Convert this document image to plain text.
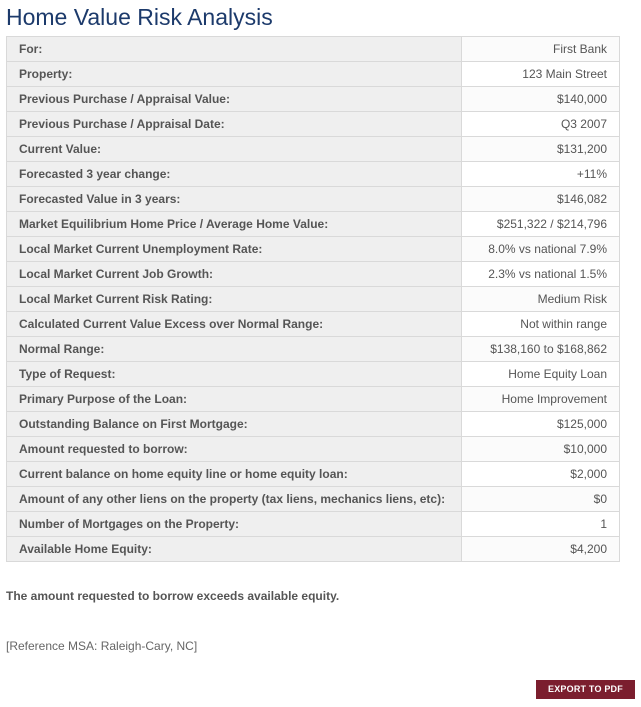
Home Value Risk Analysis
For:	First Bank
Property:	123 Main Street
Previous Purchase / Appraisal Value:	$140,000
Previous Purchase / Appraisal Date:	Q3 2007
Current Value:	$131,200
Forecasted 3 year change:	+11%
Forecasted Value in 3 years:	$146,082
Market Equilibrium Home Price / Average Home Value:	$251,322 / $214,796
Local Market Current Unemployment Rate:	8.0% vs national 7.9%
Local Market Current Job Growth:	2.3% vs national 1.5%
Local Market Current Risk Rating:	Medium Risk
Calculated Current Value Excess over Normal Range:	Not within range
Normal Range:	$138,160 to $168,862
Type of Request:	Home Equity Loan
Primary Purpose of the Loan:	Home Improvement
Outstanding Balance on First Mortgage:	$125,000
Amount requested to borrow:	$10,000
Current balance on home equity line or home equity loan:	$2,000
Amount of any other liens on the property (tax liens, mechanics liens, etc):	$0
Number of Mortgages on the Property:	1
Available Home Equity:	$4,200

The amount requested to borrow exceeds available equity.

[Reference MSA: Raleigh-Cary, NC]

EXPORT TO PDF
